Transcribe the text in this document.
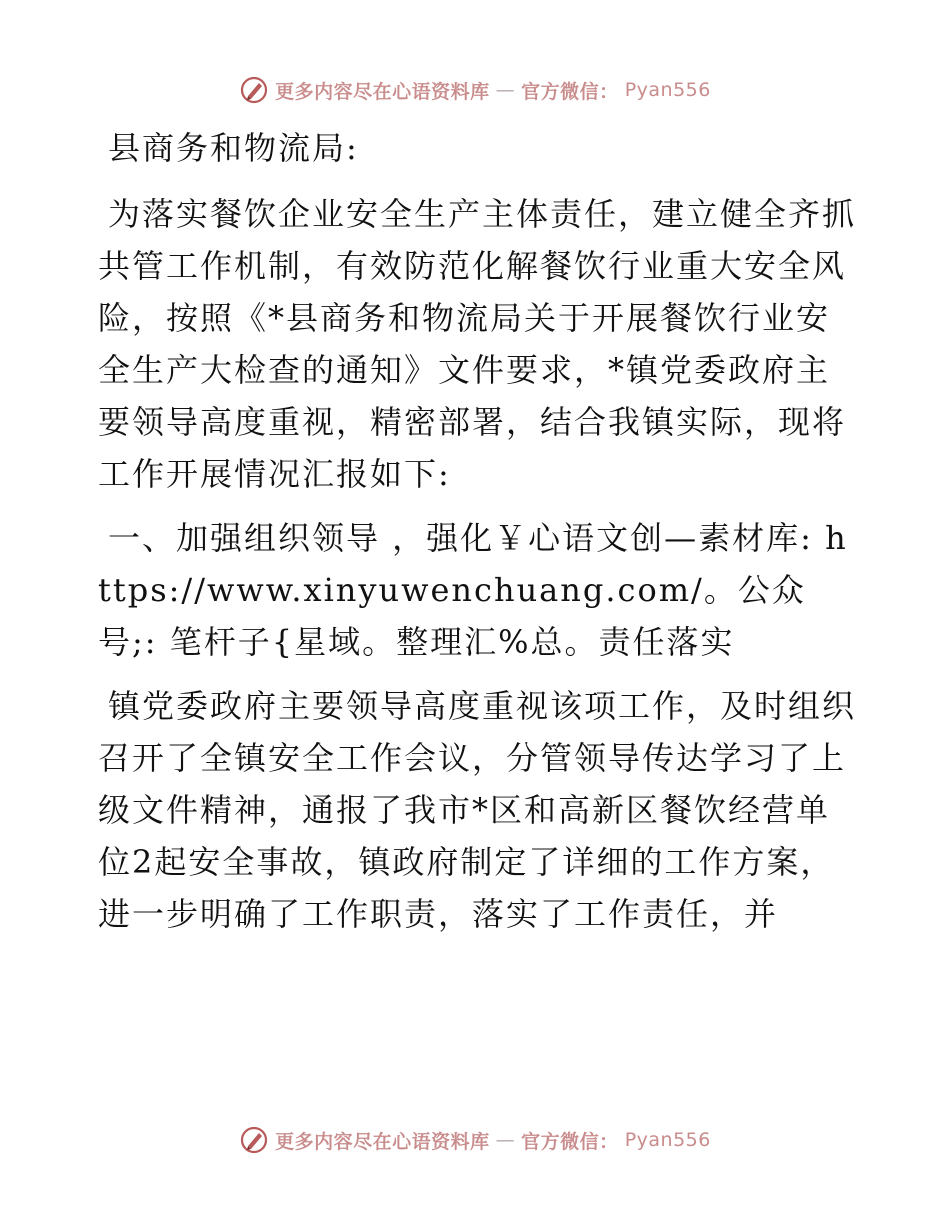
更多内容尽在心语资料库 — 官方微信： Pyan556

县商务和物流局:

为落实餐饮企业安全生产主体责任，建立健全齐抓共管工作机制，有效防范化解餐饮行业重大安全风险，按照《*县商务和物流局关于开展餐饮行业安全生产大检查的通知》文件要求，*镇党委政府主要领导高度重视，精密部署，结合我镇实际，现将工作开展情况汇报如下:

一、加强组织领导 ，强化￥心语文创—素材库: https://www.xinyuwenchuang.com/。公众号;: 笔杆子{星域。整理汇%总。责任落实

镇党委政府主要领导高度重视该项工作，及时组织召开了全镇安全工作会议，分管领导传达学习了上级文件精神，通报了我市*区和高新区餐饮经营单位2起安全事故，镇政府制定了详细的工作方案，进一步明确了工作职责，落实了工作责任，并

更多内容尽在心语资料库 — 官方微信： Pyan556
